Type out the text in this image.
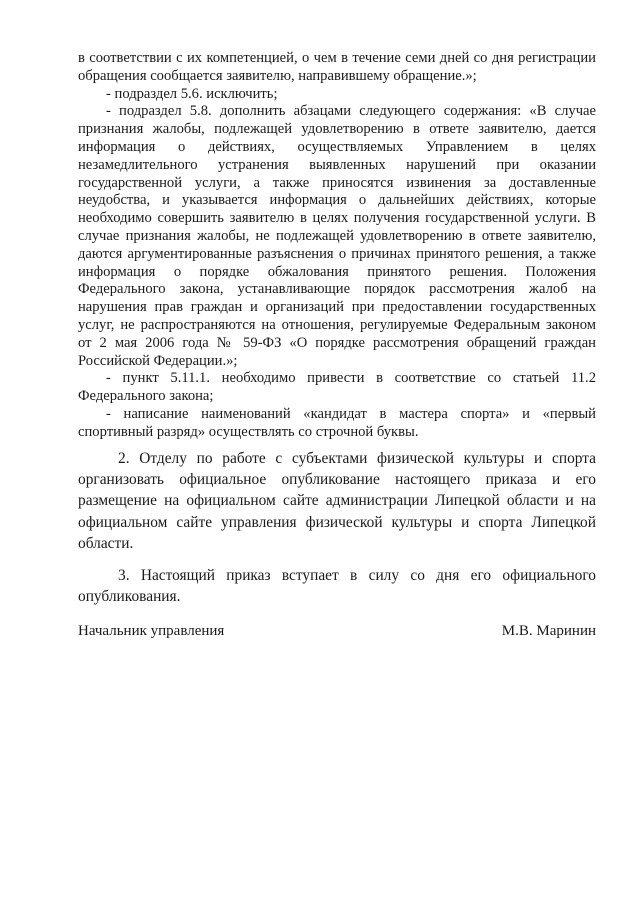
в соответствии с их компетенцией, о чем в течение семи дней со дня регистрации обращения сообщается заявителю, направившему обращение.»;

- подраздел 5.6. исключить;

- подраздел 5.8. дополнить абзацами следующего содержания: «В случае признания жалобы, подлежащей удовлетворению в ответе заявителю, дается информация о действиях, осуществляемых Управлением в целях незамедлительного устранения выявленных нарушений при оказании государственной услуги, а также приносятся извинения за доставленные неудобства, и указывается информация о дальнейших действиях, которые необходимо совершить заявителю в целях получения государственной услуги. В случае признания жалобы, не подлежащей удовлетворению в ответе заявителю, даются аргументированные разъяснения о причинах принятого решения, а также информация о порядке обжалования принятого решения. Положения Федерального закона, устанавливающие порядок рассмотрения жалоб на нарушения прав граждан и организаций при предоставлении государственных услуг, не распространяются на отношения, регулируемые Федеральным законом от 2 мая 2006 года № 59-ФЗ «О порядке рассмотрения обращений граждан Российской Федерации.»;

- пункт 5.11.1. необходимо привести в соответствие со статьей 11.2 Федерального закона;

- написание наименований «кандидат в мастера спорта» и «первый спортивный разряд» осуществлять со строчной буквы.

2. Отделу по работе с субъектами физической культуры и спорта организовать официальное опубликование настоящего приказа и его размещение на официальном сайте администрации Липецкой области и на официальном сайте управления физической культуры и спорта Липецкой области.

3. Настоящий приказ вступает в силу со дня его официального опубликования.

Начальник управления	М.В. Маринин
